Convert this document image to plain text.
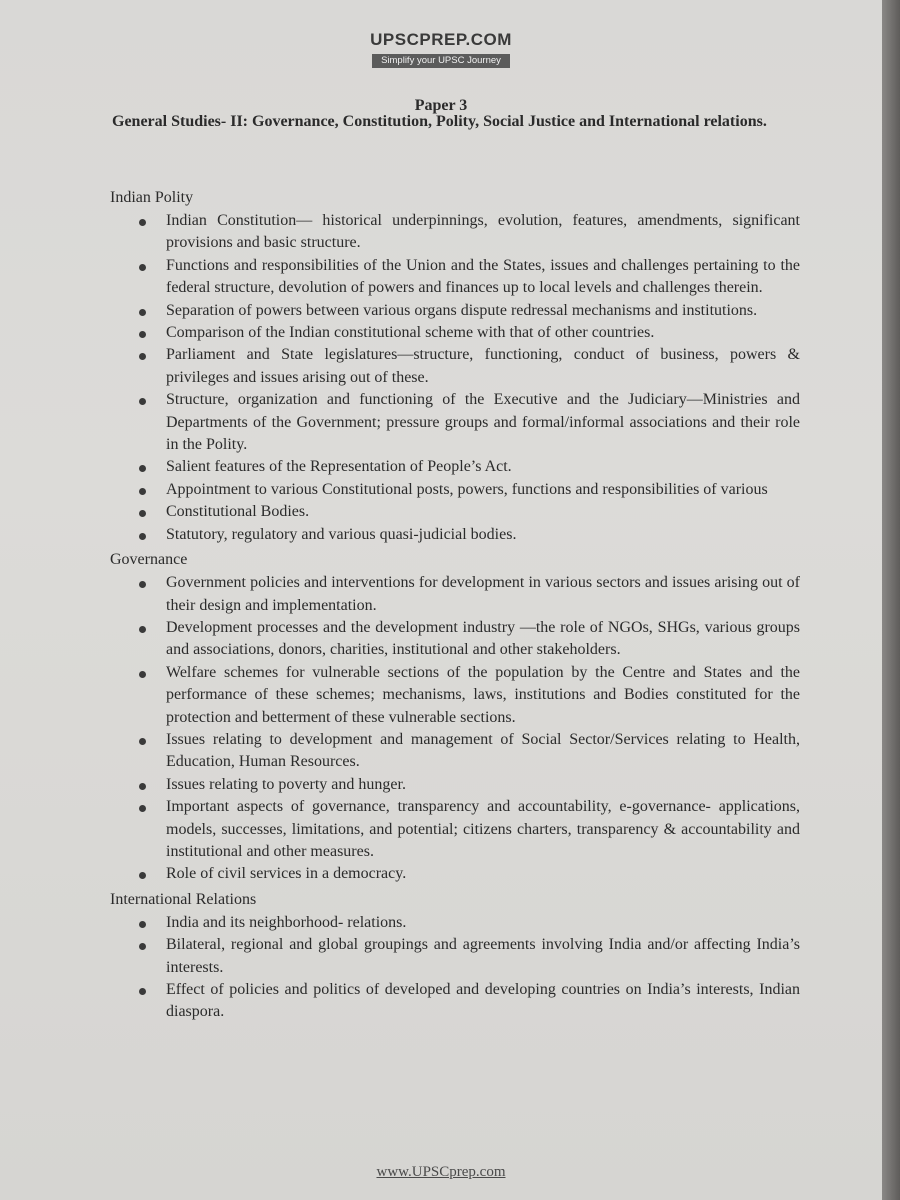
UPSCPREP.COM
Simplify your UPSC Journey
Paper 3
General Studies- II: Governance, Constitution, Polity, Social Justice and International relations.
Indian Polity
Indian Constitution— historical underpinnings, evolution, features, amendments, significant provisions and basic structure.
Functions and responsibilities of the Union and the States, issues and challenges pertaining to the federal structure, devolution of powers and finances up to local levels and challenges therein.
Separation of powers between various organs dispute redressal mechanisms and institutions.
Comparison of the Indian constitutional scheme with that of other countries.
Parliament and State legislatures—structure, functioning, conduct of business, powers & privileges and issues arising out of these.
Structure, organization and functioning of the Executive and the Judiciary—Ministries and Departments of the Government; pressure groups and formal/informal associations and their role in the Polity.
Salient features of the Representation of People’s Act.
Appointment to various Constitutional posts, powers, functions and responsibilities of various
Constitutional Bodies.
Statutory, regulatory and various quasi-judicial bodies.
Governance
Government policies and interventions for development in various sectors and issues arising out of their design and implementation.
Development processes and the development industry —the role of NGOs, SHGs, various groups and associations, donors, charities, institutional and other stakeholders.
Welfare schemes for vulnerable sections of the population by the Centre and States and the performance of these schemes; mechanisms, laws, institutions and Bodies constituted for the protection and betterment of these vulnerable sections.
Issues relating to development and management of Social Sector/Services relating to Health, Education, Human Resources.
Issues relating to poverty and hunger.
Important aspects of governance, transparency and accountability, e-governance- applications, models, successes, limitations, and potential; citizens charters, transparency & accountability and institutional and other measures.
Role of civil services in a democracy.
International Relations
India and its neighborhood- relations.
Bilateral, regional and global groupings and agreements involving India and/or affecting India’s interests.
Effect of policies and politics of developed and developing countries on India’s interests, Indian diaspora.
www.UPSCprep.com
